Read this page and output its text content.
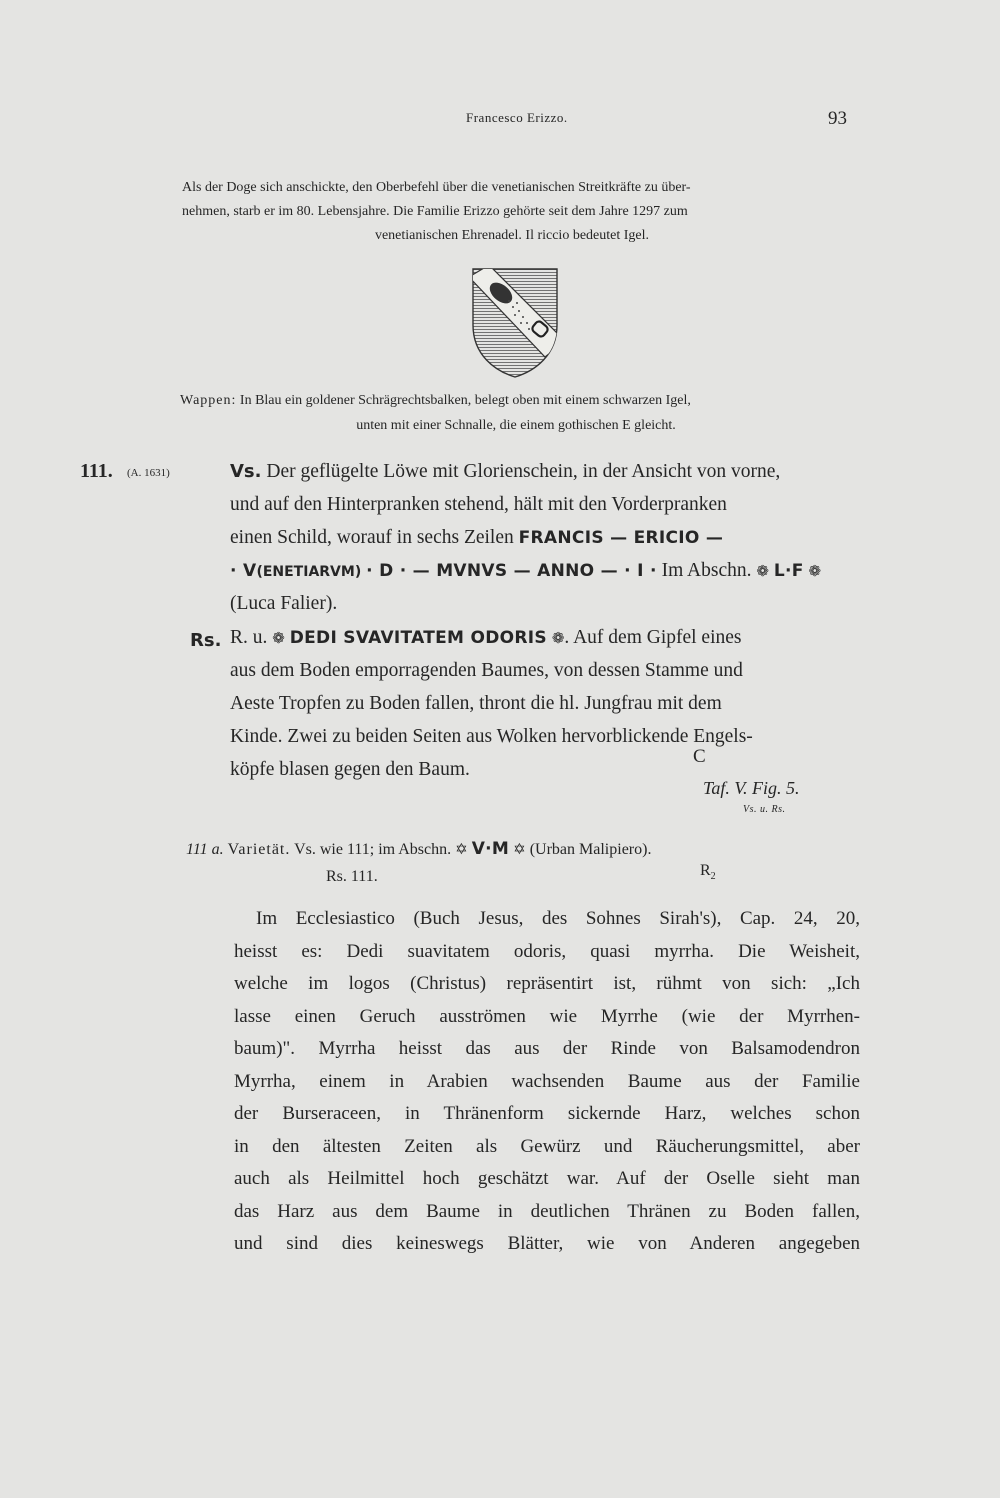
Francesco Erizzo.	93
Als der Doge sich anschickte, den Oberbefehl über die venetianischen Streitkräfte zu über-
nehmen, starb er im 80. Lebensjahre. Die Familie Erizzo gehörte seit dem Jahre 1297 zum
venetianischen Ehrenadel. Il riccio bedeutet Igel.
Wappen: In Blau ein goldener Schrägrechtsbalken, belegt oben mit einem schwarzen Igel,
unten mit einer Schnalle, die einem gothischen E gleicht.
111. (A. 1631)	Vs. Der geflügelte Löwe mit Glorienschein, in der Ansicht von vorne,
und auf den Hinterpranken stehend, hält mit den Vorderpranken
einen Schild, worauf in sechs Zeilen FRANCIS — ERICIO —
· V(ENETIARVM) · D · — MVNVS — ANNO — · I · Im Abschn. ❁ L·F ❁
(Luca Falier).
Rs. R. u. ❁ DEDI SVAVITATEM ODORIS ❁. Auf dem Gipfel eines
aus dem Boden emporragenden Baumes, von dessen Stamme und
Aeste Tropfen zu Boden fallen, thront die hl. Jungfrau mit dem
Kinde. Zwei zu beiden Seiten aus Wolken hervorblickende Engels-
köpfe blasen gegen den Baum.
C
Taf. V. Fig. 5.
Vs. u. Rs.
111 a. Varietät. Vs. wie 111; im Abschn. ✡ V·M ✡ (Urban Malipiero).
Rs. 111.	$R_2$
Im Ecclesiastico (Buch Jesus, des Sohnes Sirah's), Cap. 24, 20,
heisst es: Dedi suavitatem odoris, quasi myrrha. Die Weisheit,
welche im logos (Christus) repräsentirt ist, rühmt von sich: „Ich
lasse einen Geruch ausströmen wie Myrrhe (wie der Myrrhen-
baum)". Myrrha heisst das aus der Rinde von Balsamodendron
Myrrha, einem in Arabien wachsenden Baume aus der Familie
der Burseraceen, in Thränenform sickernde Harz, welches schon
in den ältesten Zeiten als Gewürz und Räucherungsmittel, aber
auch als Heilmittel hoch geschätzt war. Auf der Oselle sieht man
das Harz aus dem Baume in deutlichen Thränen zu Boden fallen,
und sind dies keineswegs Blätter, wie von Anderen angegeben
